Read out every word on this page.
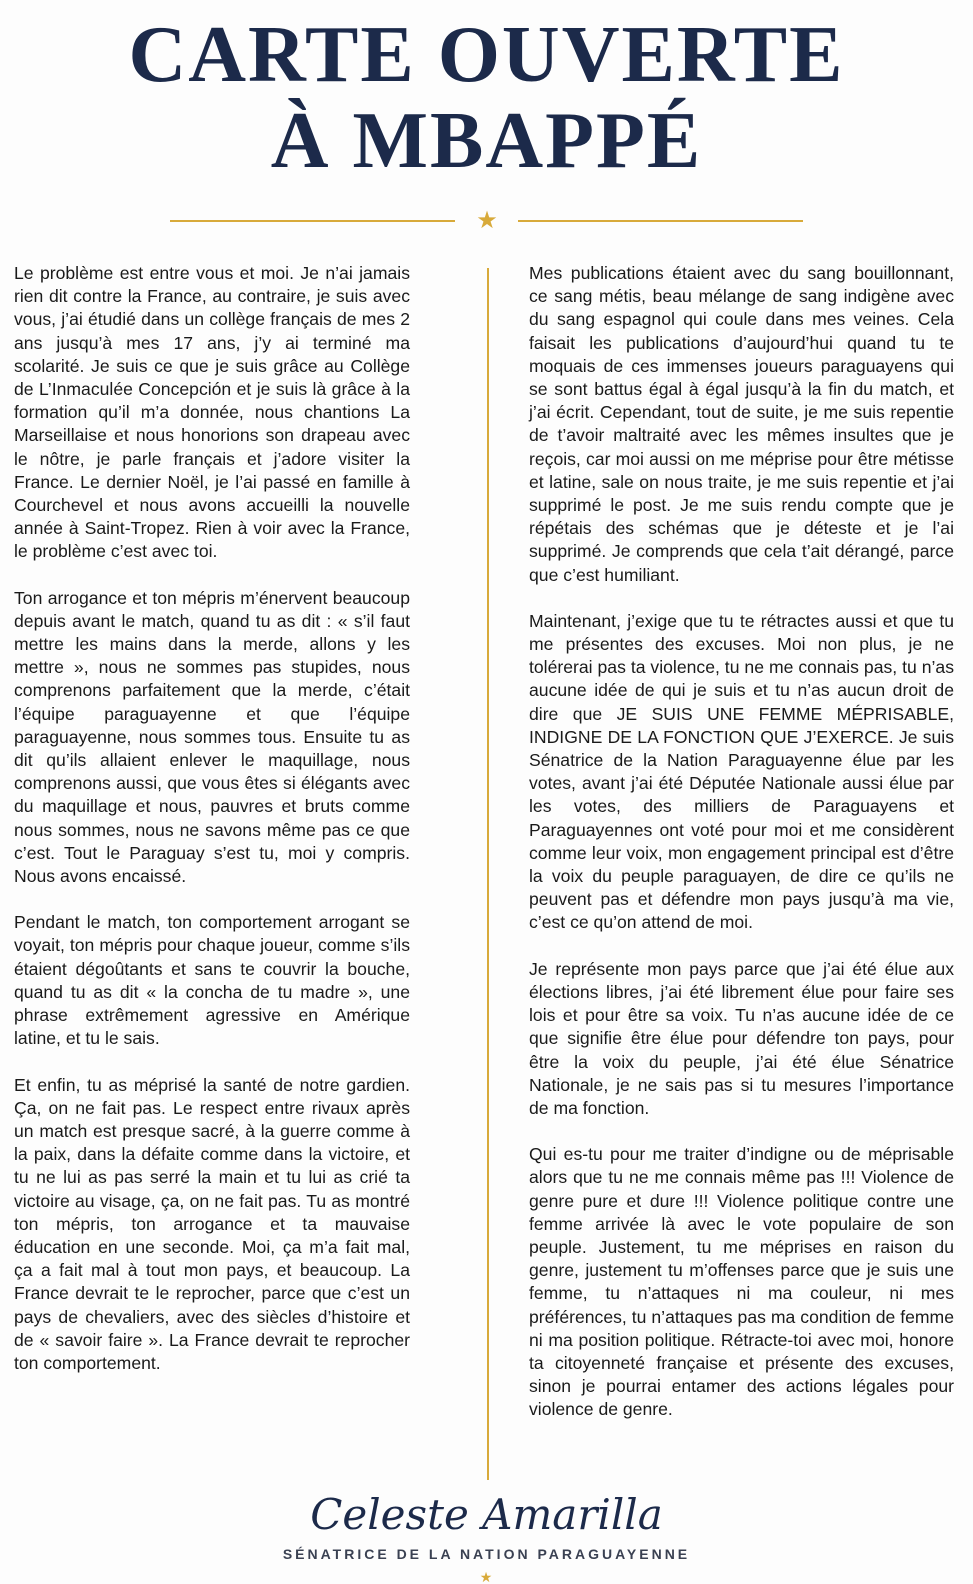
CARTE OUVERTE
À MBAPPÉ
★

Le problème est entre vous et moi. Je n’ai jamais rien dit contre la France, au contraire, je suis avec vous, j’ai étudié dans un collège français de mes 2 ans jusqu’à mes 17 ans, j’y ai terminé ma scolarité. Je suis ce que je suis grâce au Collège de L’Inmaculée Concepción et je suis là grâce à la formation qu’il m’a donnée, nous chantions La Marseillaise et nous honorions son drapeau avec le nôtre, je parle français et j’adore visiter la France. Le dernier Noël, je l’ai passé en famille à Courchevel et nous avons accueilli la nouvelle année à Saint-Tropez. Rien à voir avec la France, le problème c’est avec toi.

Ton arrogance et ton mépris m’énervent beaucoup depuis avant le match, quand tu as dit : « s’il faut mettre les mains dans la merde, allons y les mettre », nous ne sommes pas stupides, nous comprenons parfaitement que la merde, c’était l’équipe paraguayenne et que l’équipe paraguayenne, nous sommes tous. Ensuite tu as dit qu’ils allaient enlever le maquillage, nous comprenons aussi, que vous êtes si élégants avec du maquillage et nous, pauvres et bruts comme nous sommes, nous ne savons même pas ce que c’est. Tout le Paraguay s’est tu, moi y compris. Nous avons encaissé.

Pendant le match, ton comportement arrogant se voyait, ton mépris pour chaque joueur, comme s’ils étaient dégoûtants et sans te couvrir la bouche, quand tu as dit « la concha de tu madre », une phrase extrêmement agressive en Amérique latine, et tu le sais.

Et enfin, tu as méprisé la santé de notre gardien. Ça, on ne fait pas. Le respect entre rivaux après un match est presque sacré, à la guerre comme à la paix, dans la défaite comme dans la victoire, et tu ne lui as pas serré la main et tu lui as crié ta victoire au visage, ça, on ne fait pas. Tu as montré ton mépris, ton arrogance et ta mauvaise éducation en une seconde. Moi, ça m’a fait mal, ça a fait mal à tout mon pays, et beaucoup. La France devrait te le reprocher, parce que c’est un pays de chevaliers, avec des siècles d’histoire et de « savoir faire ». La France devrait te reprocher ton comportement.

Mes publications étaient avec du sang bouillonnant, ce sang métis, beau mélange de sang indigène avec du sang espagnol qui coule dans mes veines. Cela faisait les publications d’aujourd’hui quand tu te moquais de ces immenses joueurs paraguayens qui se sont battus égal à égal jusqu’à la fin du match, et j’ai écrit. Cependant, tout de suite, je me suis repentie de t’avoir maltraité avec les mêmes insultes que je reçois, car moi aussi on me méprise pour être métisse et latine, sale on nous traite, je me suis repentie et j’ai supprimé le post. Je me suis rendu compte que je répétais des schémas que je déteste et je l’ai supprimé. Je comprends que cela t’ait dérangé, parce que c’est humiliant.

Maintenant, j’exige que tu te rétractes aussi et que tu me présentes des excuses. Moi non plus, je ne tolérerai pas ta violence, tu ne me connais pas, tu n’as aucune idée de qui je suis et tu n’as aucun droit de dire que JE SUIS UNE FEMME MÉPRISABLE, INDIGNE DE LA FONCTION QUE J’EXERCE. Je suis Sénatrice de la Nation Paraguayenne élue par les votes, avant j’ai été Députée Nationale aussi élue par les votes, des milliers de Paraguayens et Paraguayennes ont voté pour moi et me considèrent comme leur voix, mon engagement principal est d’être la voix du peuple paraguayen, de dire ce qu’ils ne peuvent pas et défendre mon pays jusqu’à ma vie, c’est ce qu’on attend de moi.

Je représente mon pays parce que j’ai été élue aux élections libres, j’ai été librement élue pour faire ses lois et pour être sa voix. Tu n’as aucune idée de ce que signifie être élue pour défendre ton pays, pour être la voix du peuple, j’ai été élue Sénatrice Nationale, je ne sais pas si tu mesures l’importance de ma fonction.

Qui es-tu pour me traiter d’indigne ou de méprisable alors que tu ne me connais même pas !!! Violence de genre pure et dure !!! Violence politique contre une femme arrivée là avec le vote populaire de son peuple. Justement, tu me méprises en raison du genre, justement tu m’offenses parce que je suis une femme, tu n’attaques ni ma couleur, ni mes préférences, tu n’attaques pas ma condition de femme ni ma position politique. Rétracte-toi avec moi, honore ta citoyenneté française et présente des excuses, sinon je pourrai entamer des actions légales pour violence de genre.

Celeste Amarilla
SÉNATRICE DE LA NATION PARAGUAYENNE
★
